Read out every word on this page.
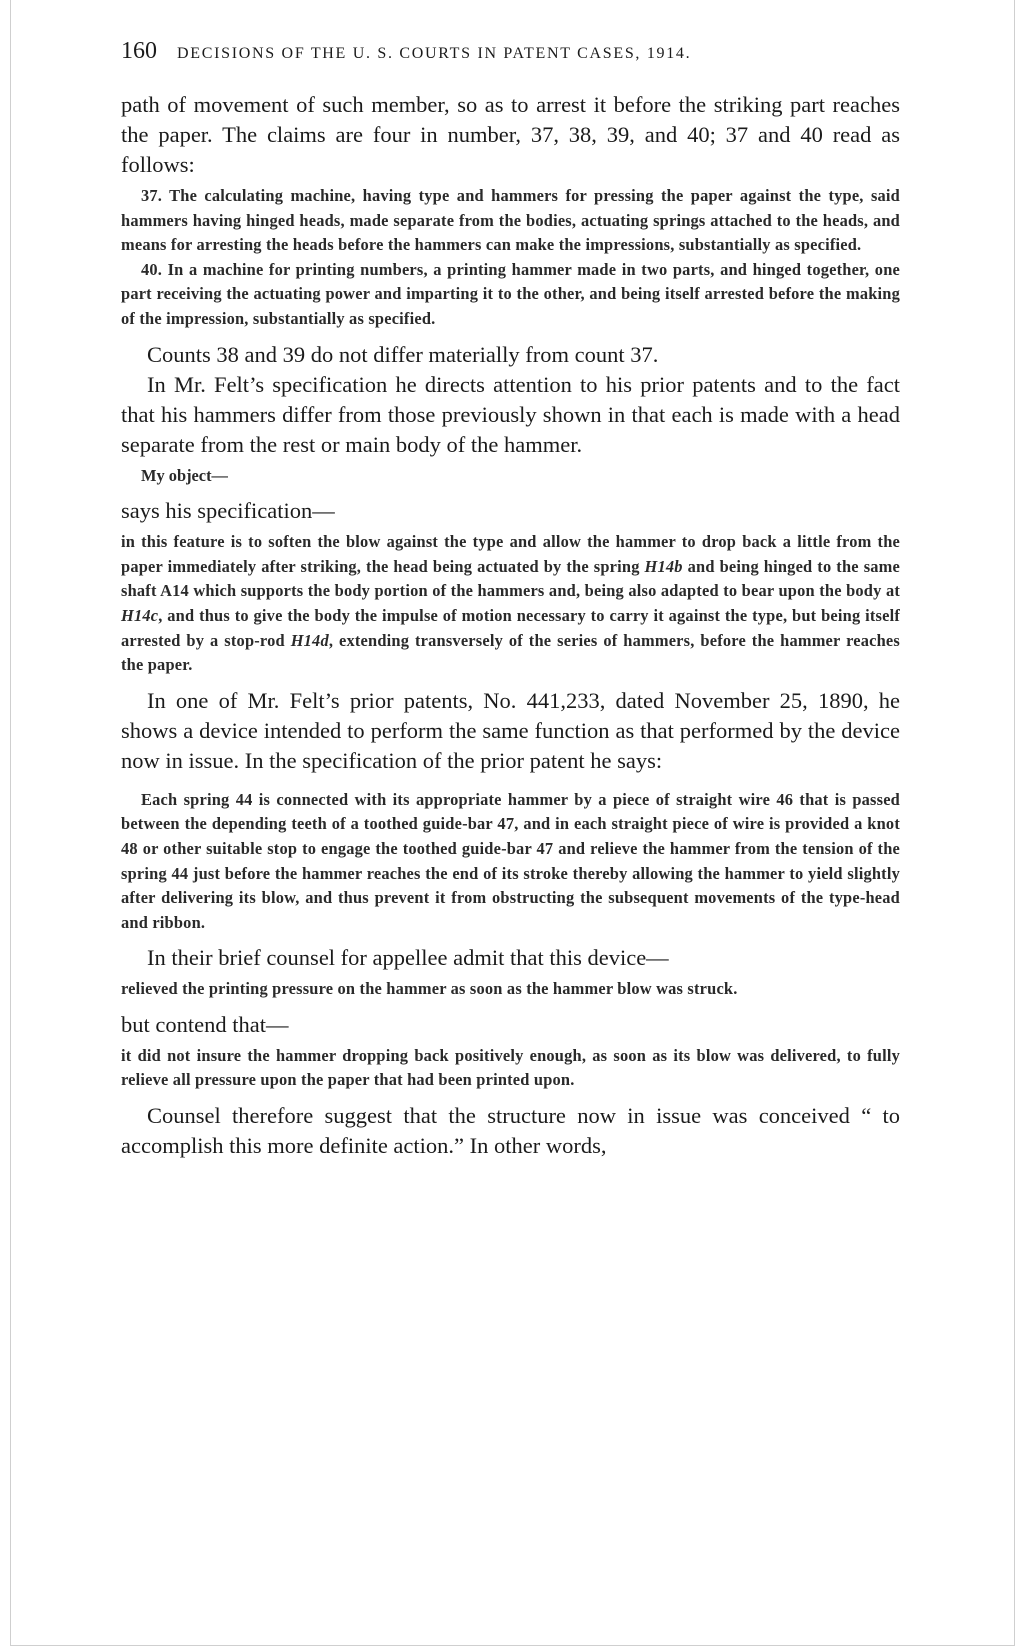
160 DECISIONS OF THE U. S. COURTS IN PATENT CASES, 1914.

path of movement of such member, so as to arrest it before the striking part reaches the paper. The claims are four in number, 37, 38, 39, and 40; 37 and 40 read as follows:

37. The calculating machine, having type and hammers for pressing the paper against the type, said hammers having hinged heads, made separate from the bodies, actuating springs attached to the heads, and means for arresting the heads before the hammers can make the impressions, substantially as specified.

40. In a machine for printing numbers, a printing hammer made in two parts, and hinged together, one part receiving the actuating power and imparting it to the other, and being itself arrested before the making of the impression, substantially as specified.

Counts 38 and 39 do not differ materially from count 37.

In Mr. Felt’s specification he directs attention to his prior patents and to the fact that his hammers differ from those previously shown in that each is made with a head separate from the rest or main body of the hammer.

My object—

says his specification—

in this feature is to soften the blow against the type and allow the hammer to drop back a little from the paper immediately after striking, the head being actuated by the spring H14b and being hinged to the same shaft A14 which supports the body portion of the hammers and, being also adapted to bear upon the body at H14c, and thus to give the body the impulse of motion necessary to carry it against the type, but being itself arrested by a stop-rod H14d, extending transversely of the series of hammers, before the hammer reaches the paper.

In one of Mr. Felt’s prior patents, No. 441,233, dated November 25, 1890, he shows a device intended to perform the same function as that performed by the device now in issue. In the specification of the prior patent he says:

Each spring 44 is connected with its appropriate hammer by a piece of straight wire 46 that is passed between the depending teeth of a toothed guide-bar 47, and in each straight piece of wire is provided a knot 48 or other suitable stop to engage the toothed guide-bar 47 and relieve the hammer from the tension of the spring 44 just before the hammer reaches the end of its stroke thereby allowing the hammer to yield slightly after delivering its blow, and thus prevent it from obstructing the subsequent movements of the type-head and ribbon.

In their brief counsel for appellee admit that this device—

relieved the printing pressure on the hammer as soon as the hammer blow was struck.

but contend that—

it did not insure the hammer dropping back positively enough, as soon as its blow was delivered, to fully relieve all pressure upon the paper that had been printed upon.

Counsel therefore suggest that the structure now in issue was conceived “ to accomplish this more definite action.” In other words,
